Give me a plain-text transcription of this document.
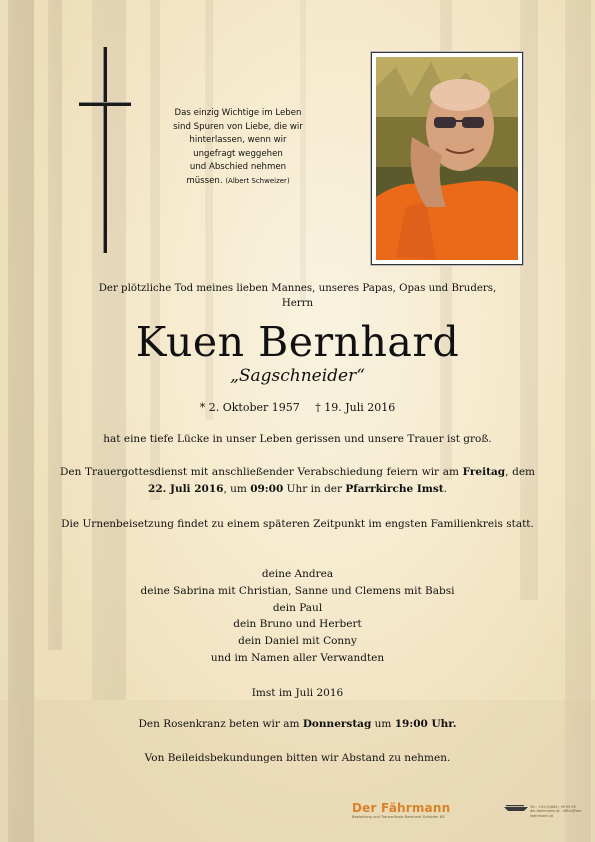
Das einzig Wichtige im Leben
sind Spuren von Liebe, die wir
hinterlassen, wenn wir
ungefragt weggehen
und Abschied nehmen
müssen. (Albert Schweizer)
Der plötzliche Tod meines lieben Mannes, unseres Papas, Opas und Bruders,
Herrn
Kuen Bernhard
„Sagschneider“
* 2. Oktober 1957 † 19. Juli 2016
hat eine tiefe Lücke in unser Leben gerissen und unsere Trauer ist groß.
Den Trauergottesdienst mit anschließender Verabschiedung feiern wir am Freitag, dem 22. Juli 2016, um 09:00 Uhr in der Pfarrkirche Imst.
Die Urnenbeisetzung findet zu einem späteren Zeitpunkt im engsten Familienkreis statt.
deine Andrea
deine Sabrina mit Christian, Sanne und Clemens mit Babsi
dein Paul
dein Bruno und Herbert
dein Daniel mit Conny
und im Namen aller Verwandten
Imst im Juli 2016
Den Rosenkranz beten wir am Donnerstag um 19:00 Uhr.
Von Beileidsbekundungen bitten wir Abstand zu nehmen.
Der Fährmann
Bestattung und Trauerrituale Bernhard Schöpfer KG
Tel.: +43 (0)664 / 99 95 69
der-faehrmann.at · office@der-faehrmann.at
